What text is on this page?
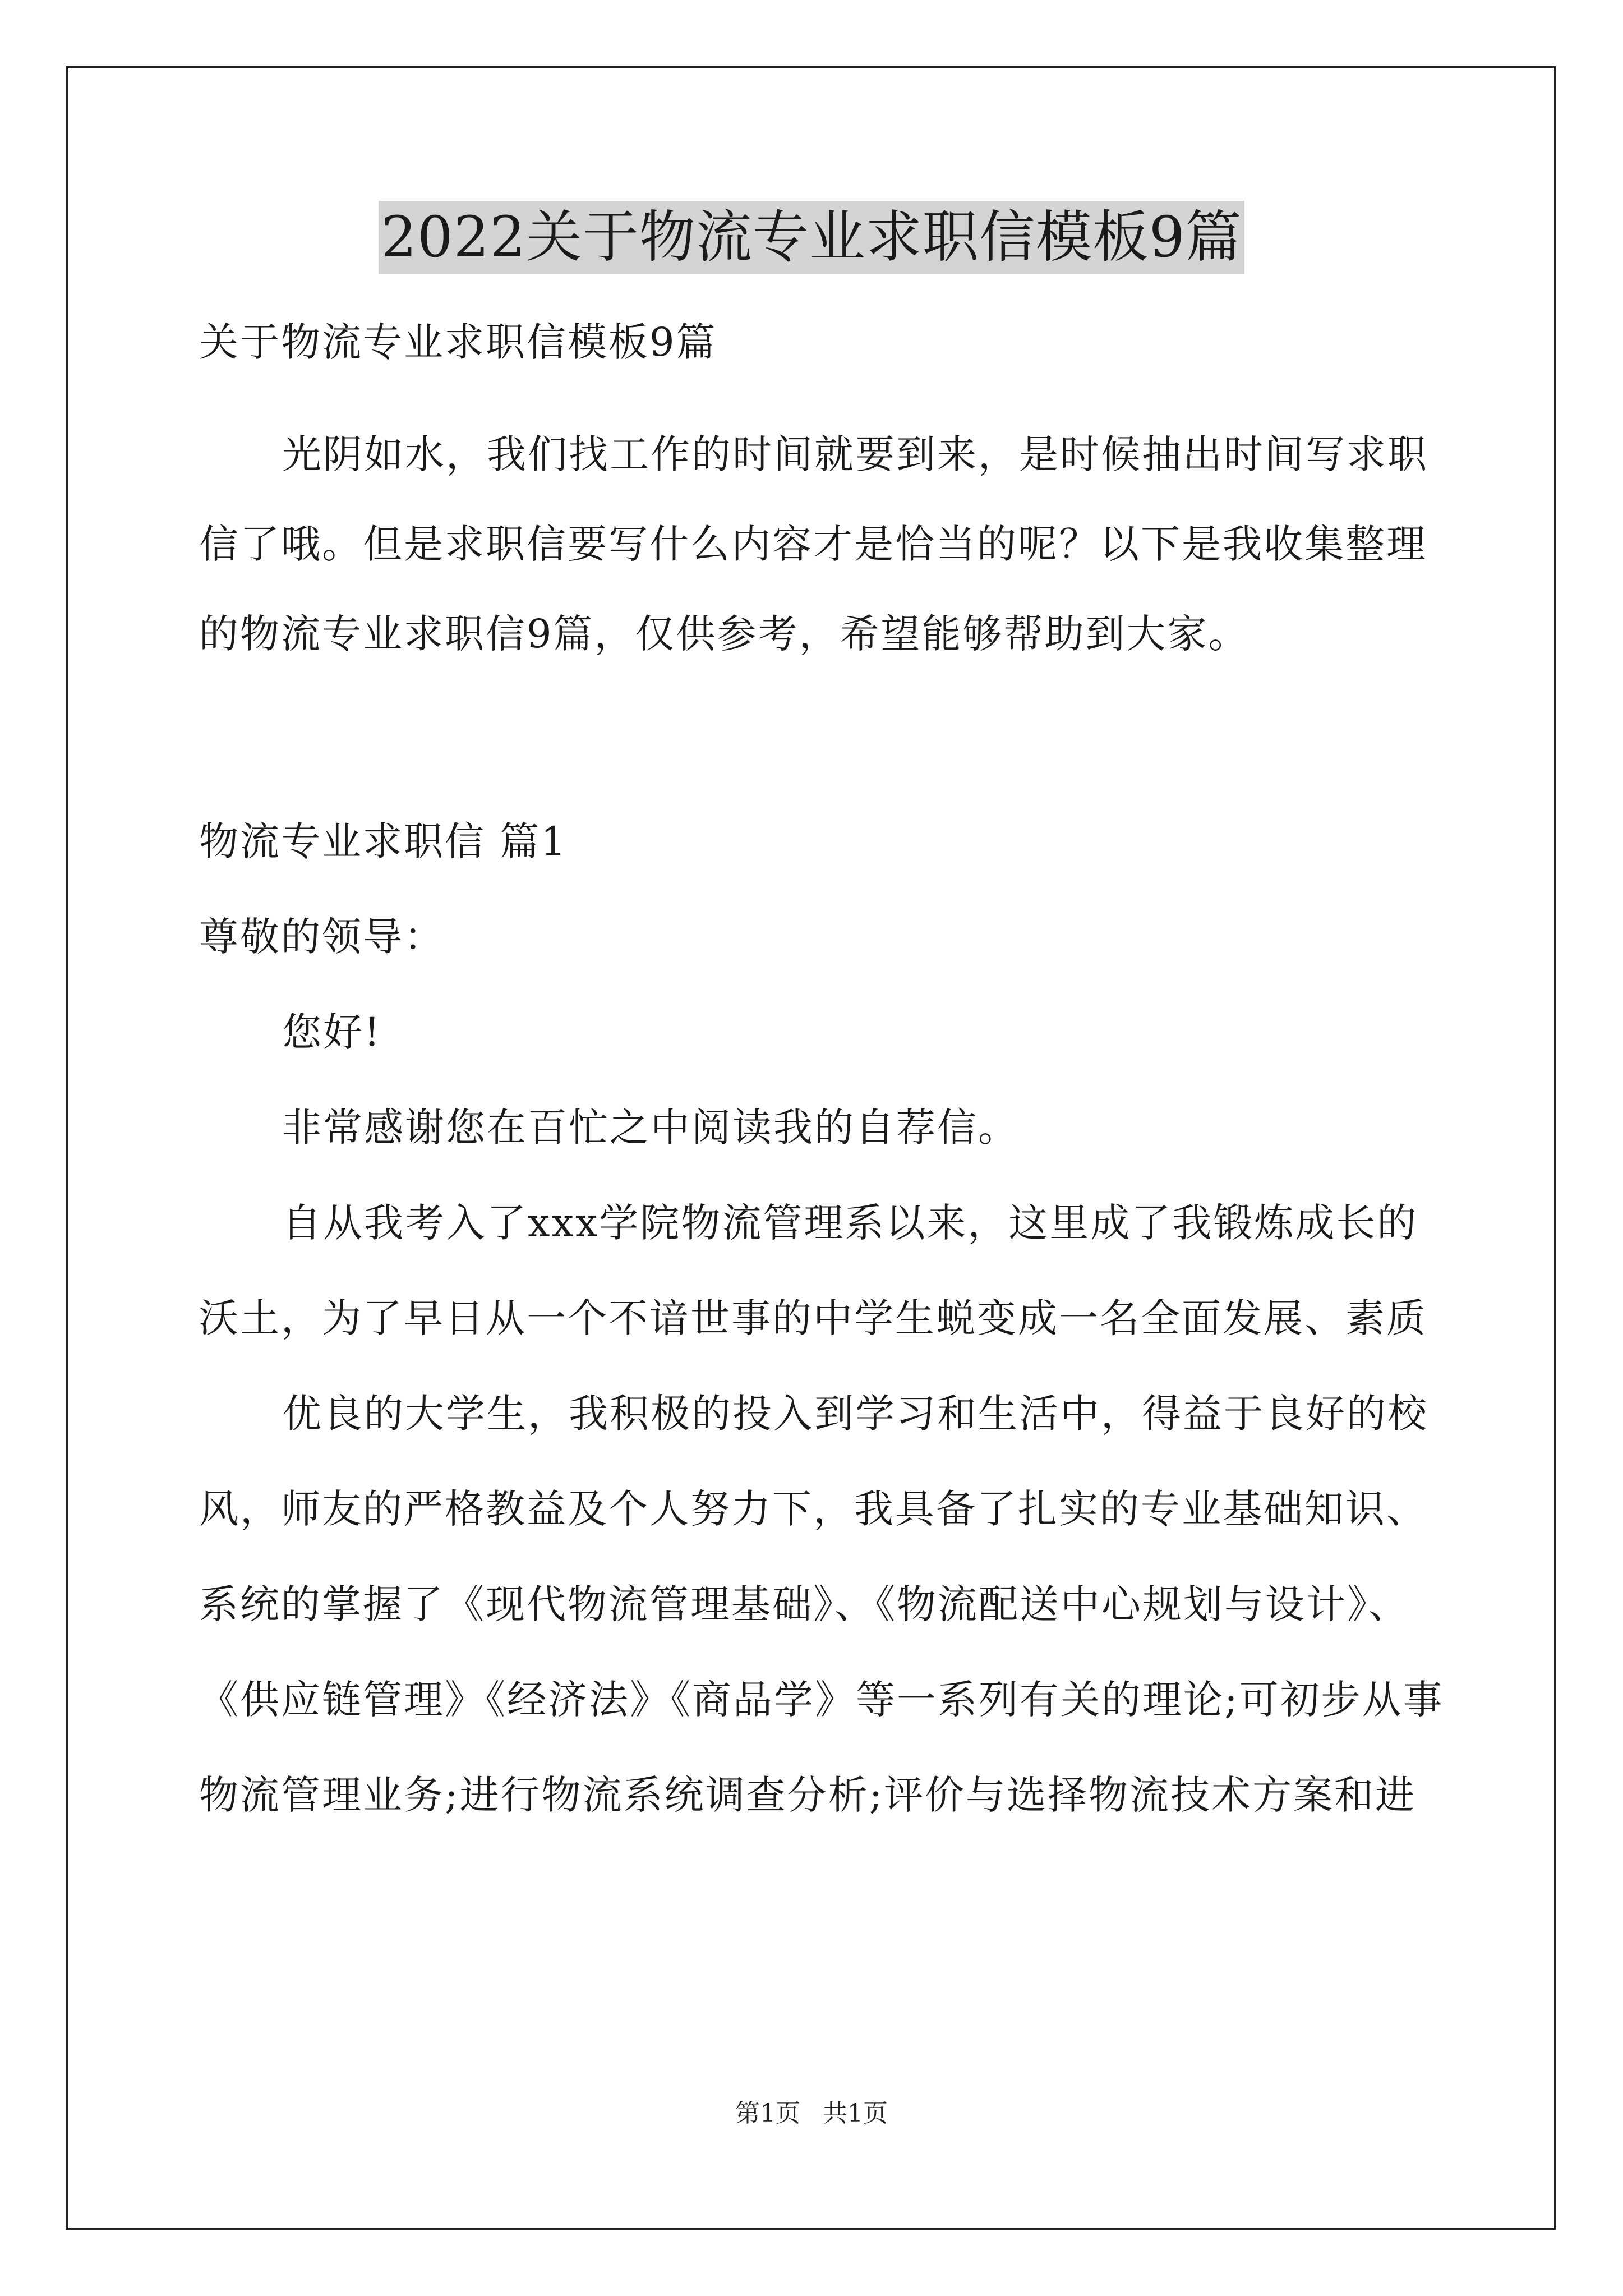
2022关于物流专业求职信模板9篇
关于物流专业求职信模板9篇
光阴如水，我们找工作的时间就要到来，是时候抽出时间写求职
信了哦。但是求职信要写什么内容才是恰当的呢？以下是我收集整理
的物流专业求职信9篇，仅供参考，希望能够帮助到大家。
物流专业求职信 篇1
尊敬的领导：
您好!
非常感谢您在百忙之中阅读我的自荐信。
自从我考入了xxx学院物流管理系以来，这里成了我锻炼成长的
沃土，为了早日从一个不谙世事的中学生蜕变成一名全面发展、素质
优良的大学生，我积极的投入到学习和生活中，得益于良好的校
风，师友的严格教益及个人努力下，我具备了扎实的专业基础知识、
系统的掌握了《现代物流管理基础》、《物流配送中心规划与设计》、
《供应链管理》《经济法》《商品学》等一系列有关的理论;可初步从事
物流管理业务;进行物流系统调查分析;评价与选择物流技术方案和进
第1页 共1页
